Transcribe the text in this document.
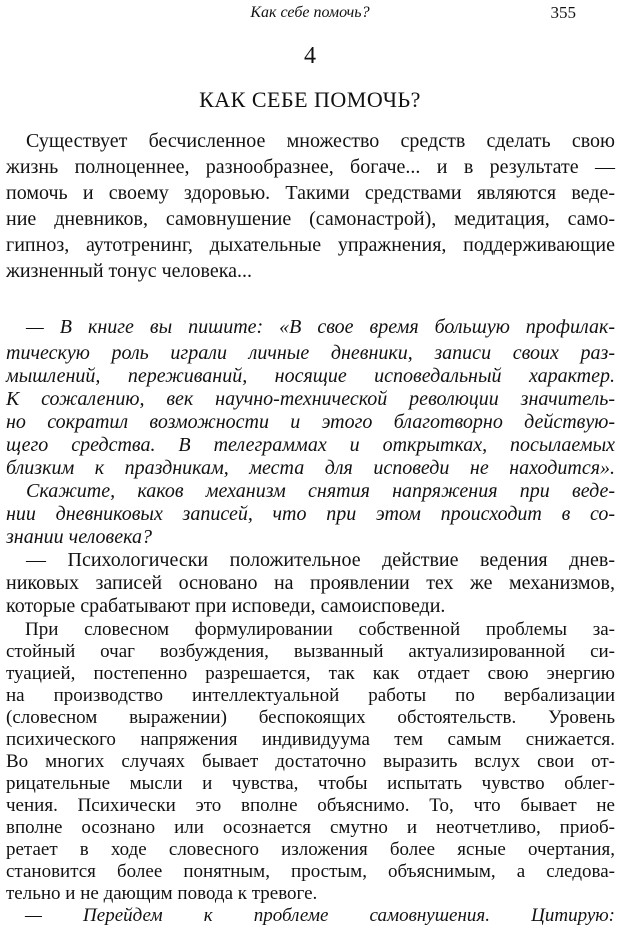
Как себе помочь?	355
4
КАК СЕБЕ ПОМОЧЬ?
 Существует бесчисленное множество средств сделать свою
жизнь полноценнее, разнообразнее, богаче... и в результате —
помочь и своему здоровью. Такими средствами являются веде-
ние дневников, самовнушение (самонастрой), медитация, само-
гипноз, аутотренинг, дыхательные упражнения, поддерживающие
жизненный тонус человека...
 — В книге вы пишите: «В свое время большую профилак-
тическую роль играли личные дневники, записи своих раз-
мышлений, переживаний, носящие исповедальный характер.
К сожалению, век научно-технической революции значитель-
но сократил возможности и этого благотворно действую-
щего средства. В телеграммах и открытках, посылаемых
близким к праздникам, места для исповеди не находится».
 Скажите, каков механизм снятия напряжения при веде-
нии дневниковых записей, что при этом происходит в со-
знании человека?
 — Психологически положительное действие ведения днев-
никовых записей основано на проявлении тех же механизмов,
которые срабатывают при исповеди, самоисповеди.
 При словесном формулировании собственной проблемы за-
стойный очаг возбуждения, вызванный актуализированной си-
туацией, постепенно разрешается, так как отдает свою энергию
на производство интеллектуальной работы по вербализации
(словесном выражении) беспокоящих обстоятельств. Уровень
психического напряжения индивидуума тем самым снижается.
Во многих случаях бывает достаточно выразить вслух свои от-
рицательные мысли и чувства, чтобы испытать чувство облег-
чения. Психически это вполне объяснимо. То, что бывает не
вполне осознано или осознается смутно и неотчетливо, приоб-
ретает в ходе словесного изложения более ясные очертания,
становится более понятным, простым, объяснимым, а следова-
тельно и не дающим повода к тревоге.
 — Перейдем к проблеме самовнушения. Цитирую:
